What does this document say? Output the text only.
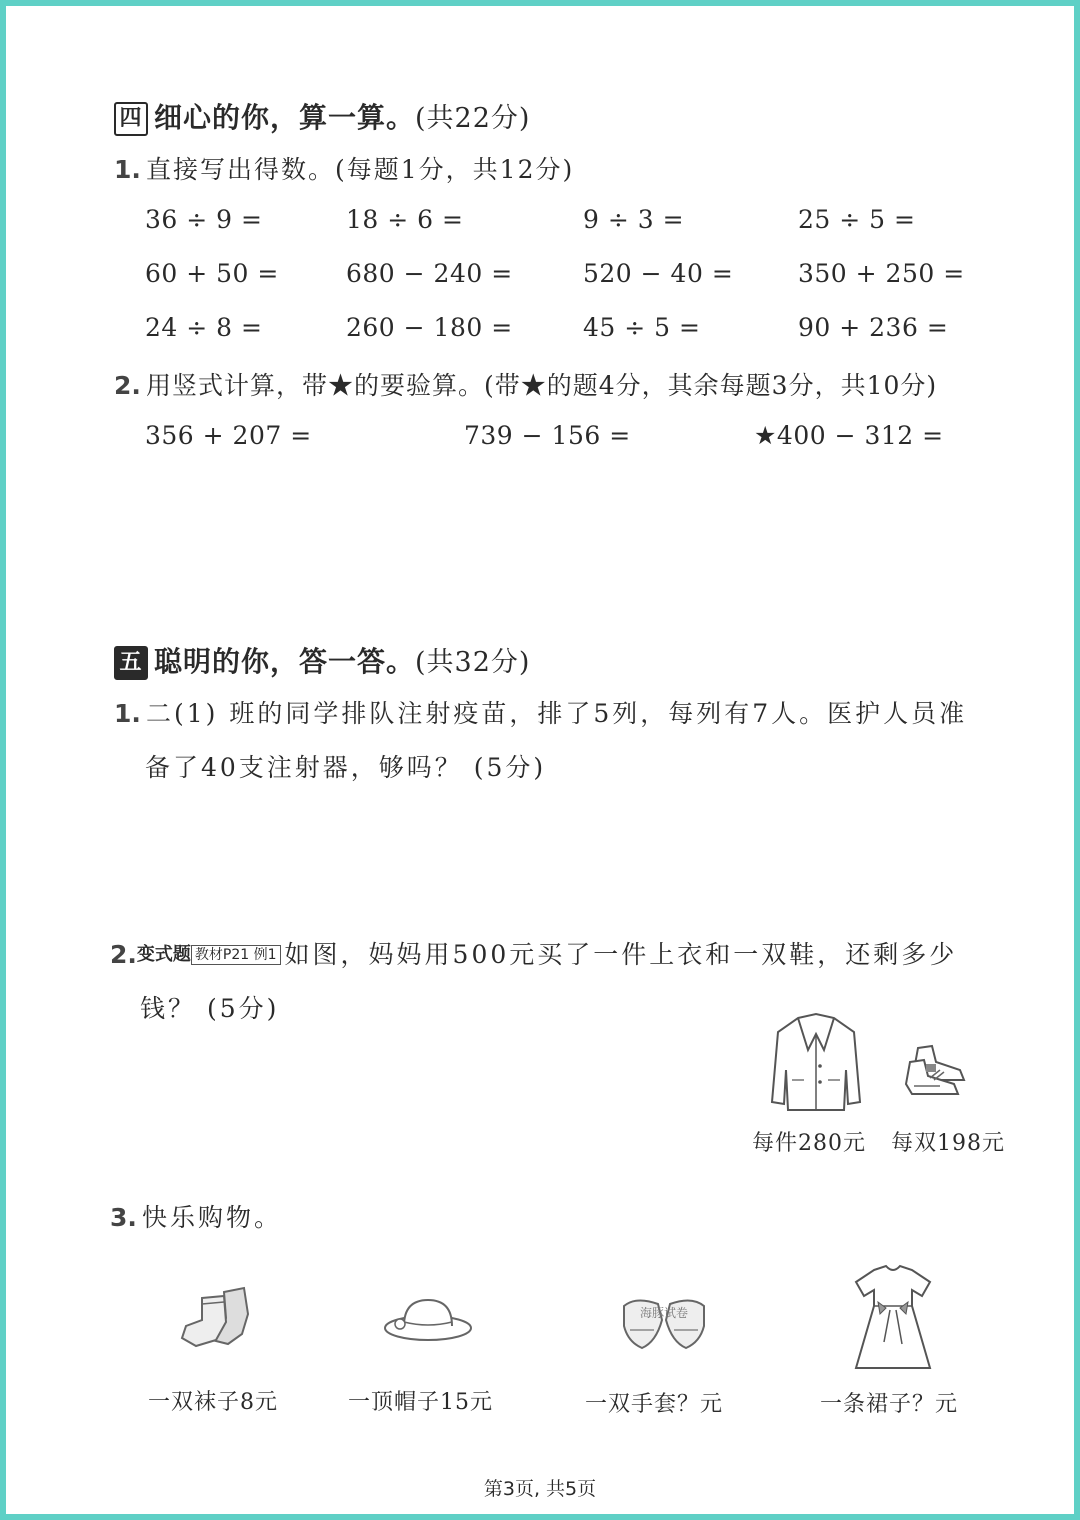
四 细心的你，算一算。(共22分)
1. 直接写出得数。(每题1分，共12分)
36 ÷ 9 =	18 ÷ 6 =	9 ÷ 3 =	25 ÷ 5 =
60 + 50 =	680 − 240 =	520 − 40 =	350 + 250 =
24 ÷ 8 =	260 − 180 =	45 ÷ 5 =	90 + 236 =
2. 用竖式计算，带★的要验算。(带★的题4分，其余每题3分，共10分)
356 + 207 =	739 − 156 =	★400 − 312 =
五 聪明的你，答一答。(共32分)
1. 二(1) 班的同学排队注射疫苗，排了5列，每列有7人。医护人员准
备了40支注射器，够吗？ (5分)
2.变式题 教材P21 例1 如图，妈妈用500元买了一件上衣和一双鞋，还剩多少
钱？ (5分)
每件280元 每双198元
3. 快乐购物。
海豚试卷
一双袜子8元	一顶帽子15元	一双手套？元	一条裙子？元
第3页, 共5页
